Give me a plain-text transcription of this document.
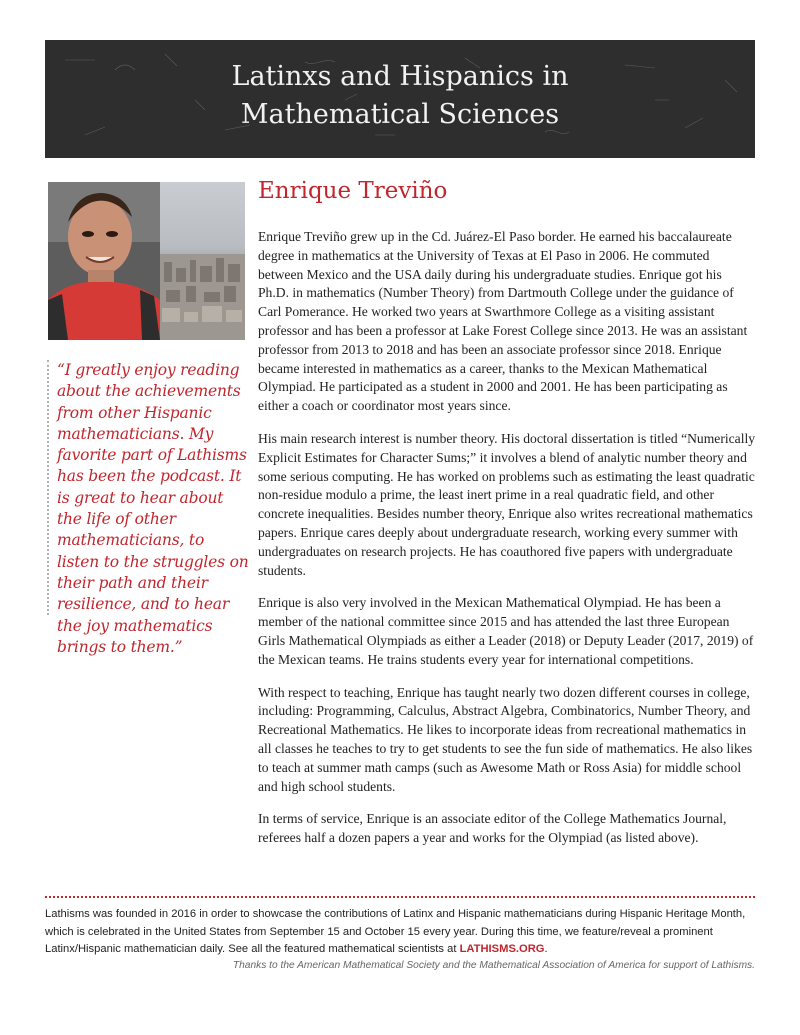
Latinxs and Hispanics in
Mathematical Sciences

“I greatly enjoy reading about the achievements from other Hispanic mathematicians. My favorite part of Lathisms has been the podcast. It is great to hear about the life of other mathematicians, to listen to the struggles on their path and their resilience, and to hear the joy mathematics brings to them.”

Enrique Treviño

Enrique Treviño grew up in the Cd. Juárez-El Paso border. He earned his baccalaureate degree in mathematics at the University of Texas at El Paso in 2006. He commuted between Mexico and the USA daily during his undergraduate studies. Enrique got his Ph.D. in mathematics (Number Theory) from Dartmouth College under the guidance of Carl Pomerance. He worked two years at Swarthmore College as a visiting assistant professor and has been a professor at Lake Forest College since 2013. He was an assistant professor from 2013 to 2018 and has been an associate professor since 2018. Enrique became interested in mathematics as a career, thanks to the Mexican Mathematical Olympiad. He participated as a student in 2000 and 2001. He has been participating as either a coach or coordinator most years since.

His main research interest is number theory. His doctoral dissertation is titled “Numerically Explicit Estimates for Character Sums;” it involves a blend of analytic number theory and some serious computing. He has worked on problems such as estimating the least quadratic non-residue modulo a prime, the least inert prime in a real quadratic field, and other concrete inequalities. Besides number theory, Enrique also writes recreational mathematics papers. Enrique cares deeply about undergraduate research, working every summer with undergraduates on research projects. He has coauthored five papers with undergraduate students.

Enrique is also very involved in the Mexican Mathematical Olympiad. He has been a member of the national committee since 2015 and has attended the last three European Girls Mathematical Olympiads as either a Leader (2018) or Deputy Leader (2017, 2019) of the Mexican teams. He trains students every year for international competitions.

With respect to teaching, Enrique has taught nearly two dozen different courses in college, including: Programming, Calculus, Abstract Algebra, Combinatorics, Number Theory, and Recreational Mathematics. He likes to incorporate ideas from recreational mathematics in all classes he teaches to try to get students to see the fun side of mathematics. He also likes to teach at summer math camps (such as Awesome Math or Ross Asia) for middle school and high school students.

In terms of service, Enrique is an associate editor of the College Mathematics Journal, referees half a dozen papers a year and works for the Olympiad (as listed above).

Lathisms was founded in 2016 in order to showcase the contributions of Latinx and Hispanic mathematicians during Hispanic Heritage Month, which is celebrated in the United States from September 15 and October 15 every year. During this time, we feature/reveal a prominent Latinx/Hispanic mathematician daily. See all the featured mathematical scientists at LATHISMS.ORG.
Thanks to the American Mathematical Society and the Mathematical Association of America for support of Lathisms.
